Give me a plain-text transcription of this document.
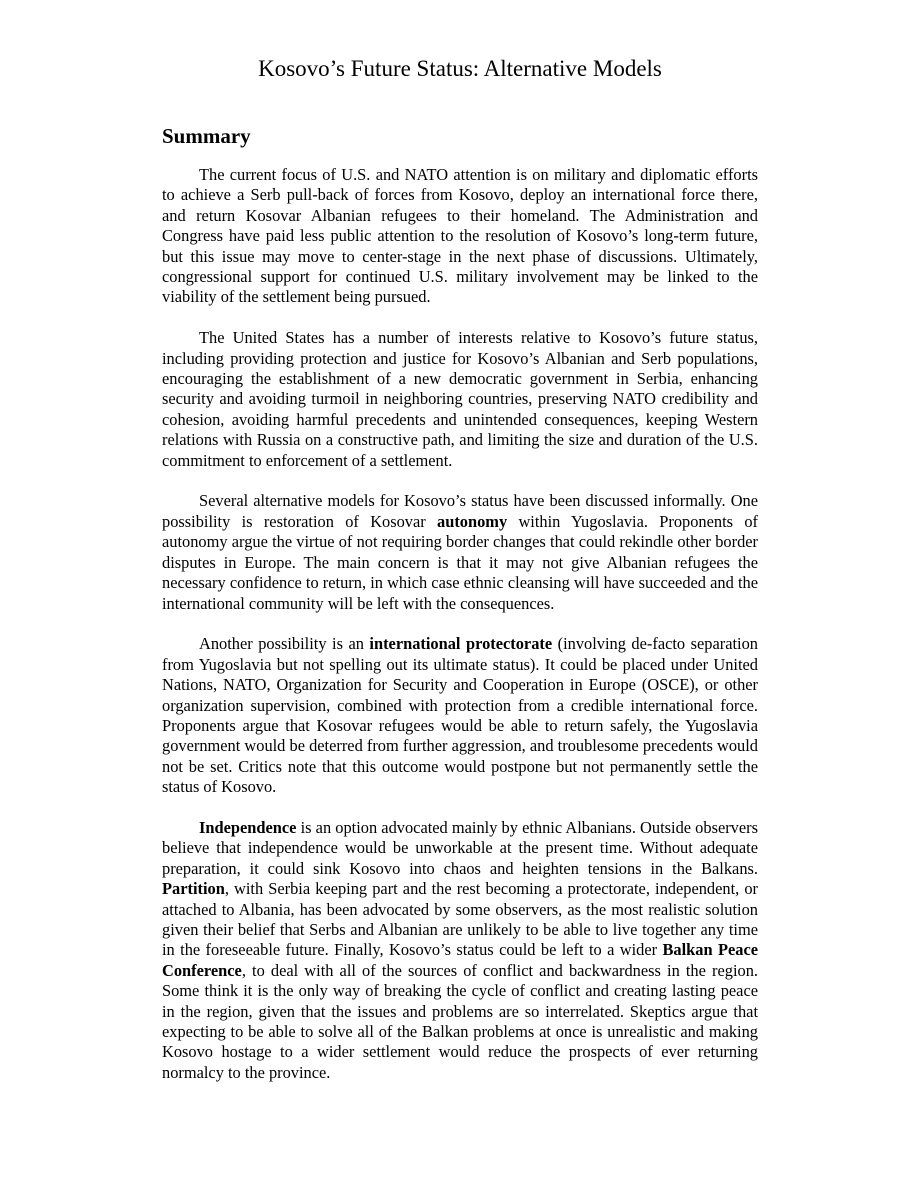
Kosovo’s Future Status: Alternative Models
Summary

The current focus of U.S. and NATO attention is on military and diplomatic efforts to achieve a Serb pull-back of forces from Kosovo, deploy an international force there, and return Kosovar Albanian refugees to their homeland. The Administration and Congress have paid less public attention to the resolution of Kosovo’s long-term future, but this issue may move to center-stage in the next phase of discussions. Ultimately, congressional support for continued U.S. military involvement may be linked to the viability of the settlement being pursued.

The United States has a number of interests relative to Kosovo’s future status, including providing protection and justice for Kosovo’s Albanian and Serb populations, encouraging the establishment of a new democratic government in Serbia, enhancing security and avoiding turmoil in neighboring countries, preserving NATO credibility and cohesion, avoiding harmful precedents and unintended consequences, keeping Western relations with Russia on a constructive path, and limiting the size and duration of the U.S. commitment to enforcement of a settlement.

Several alternative models for Kosovo’s status have been discussed informally. One possibility is restoration of Kosovar autonomy within Yugoslavia. Proponents of autonomy argue the virtue of not requiring border changes that could rekindle other border disputes in Europe. The main concern is that it may not give Albanian refugees the necessary confidence to return, in which case ethnic cleansing will have succeeded and the international community will be left with the consequences.

Another possibility is an international protectorate (involving de-facto separation from Yugoslavia but not spelling out its ultimate status). It could be placed under United Nations, NATO, Organization for Security and Cooperation in Europe (OSCE), or other organization supervision, combined with protection from a credible international force. Proponents argue that Kosovar refugees would be able to return safely, the Yugoslavia government would be deterred from further aggression, and troublesome precedents would not be set. Critics note that this outcome would postpone but not permanently settle the status of Kosovo.

Independence is an option advocated mainly by ethnic Albanians. Outside observers believe that independence would be unworkable at the present time. Without adequate preparation, it could sink Kosovo into chaos and heighten tensions in the Balkans. Partition, with Serbia keeping part and the rest becoming a protectorate, independent, or attached to Albania, has been advocated by some observers, as the most realistic solution given their belief that Serbs and Albanian are unlikely to be able to live together any time in the foreseeable future. Finally, Kosovo’s status could be left to a wider Balkan Peace Conference, to deal with all of the sources of conflict and backwardness in the region. Some think it is the only way of breaking the cycle of conflict and creating lasting peace in the region, given that the issues and problems are so interrelated. Skeptics argue that expecting to be able to solve all of the Balkan problems at once is unrealistic and making Kosovo hostage to a wider settlement would reduce the prospects of ever returning normalcy to the province.
